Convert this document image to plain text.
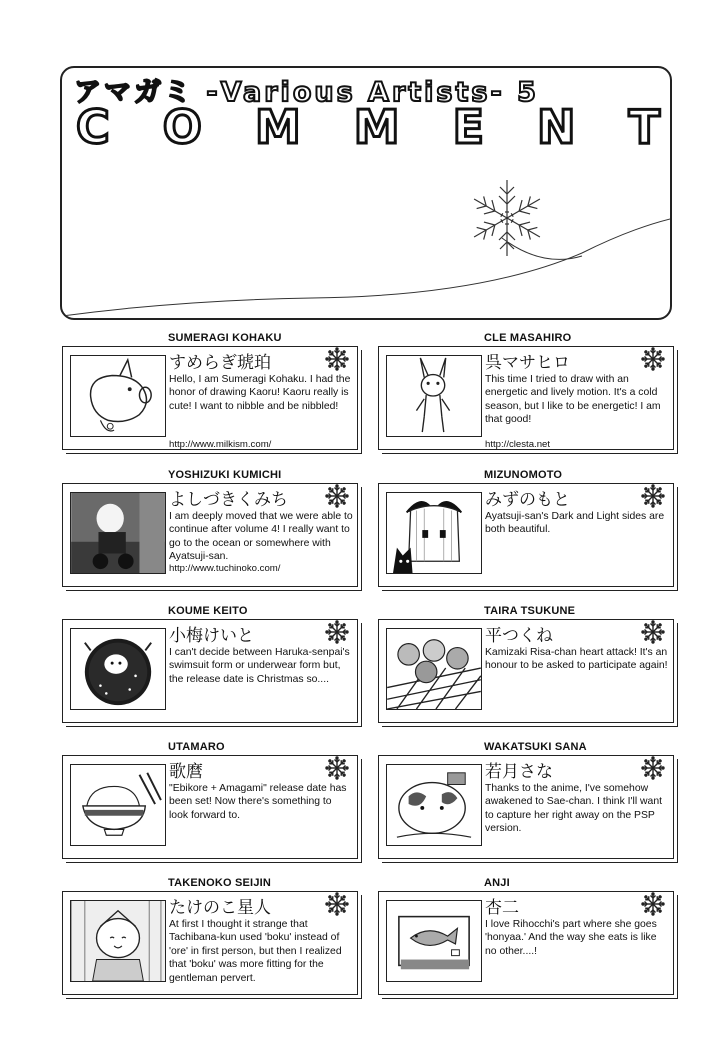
アマガミ -Various Artists- 5
C O M M E N T
SUMERAGI KOHAKU
すめらぎ琥珀

Hello, I am Sumeragi Kohaku. I had the honor of drawing Kaoru! Kaoru really is cute! I want to nibble and be nibbled!

http://www.milkism.com/
CLE MASAHIRO
呉マサヒロ

This time I tried to draw with an energetic and lively motion. It's a cold season, but I like to be energetic! I am that good!

http://clesta.net
YOSHIZUKI KUMICHI
よしづきくみち

I am deeply moved that we were able to continue after volume 4! I really want to go to the ocean or somewhere with Ayatsuji-san.

http://www.tuchinoko.com/
MIZUNOMOTO
みずのもと

Ayatsuji-san's Dark and Light sides are both beautiful.

KOUME KEITO
小梅けいと

I can't decide between Haruka-senpai's swimsuit form or underwear form but, the release date is Christmas so....

TAIRA TSUKUNE
平つくね

Kamizaki Risa-chan heart attack! It's an honour to be asked to participate again!

UTAMARO
歌麿

"Ebikore + Amagami" release date has been set! Now there's something to look forward to.

WAKATSUKI SANA
若月さな

Thanks to the anime, I've somehow awakened to Sae-chan. I think I'll want to capture her right away on the PSP version.

TAKENOKO SEIJIN
たけのこ星人

At first I thought it strange that Tachibana-kun used 'boku' instead of 'ore' in first person, but then I realized that 'boku' was more fitting for the gentleman pervert.

ANJI
杏二

I love Rihocchi's part where she goes 'honyaa.' And the way she eats is like no other....!
